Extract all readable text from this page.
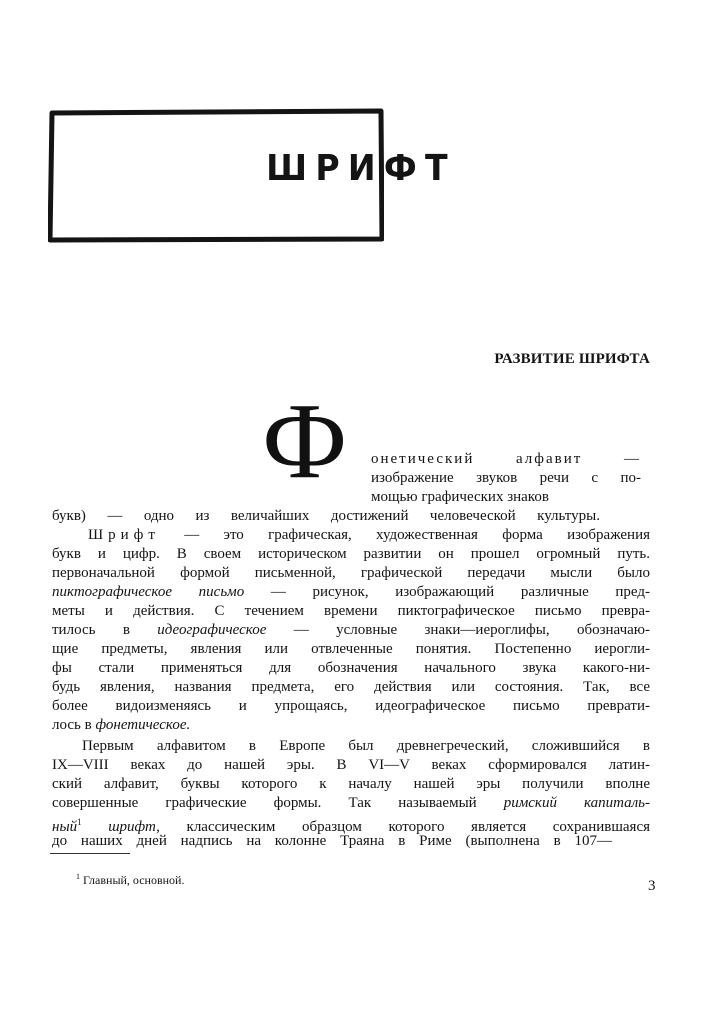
ШРИФТ
РАЗВИТИЕ ШРИФТА
Ф онетический алфавит —
изображение звуков речи с по-
мощью графических знаков
букв) — одно из величайших достижений человеческой культуры.
Шрифт — это графическая, художественная форма изображения
букв и цифр. В своем историческом развитии он прошел огромный путь.
первоначальной формой письменной, графической передачи мысли было
пиктографическое письмо — рисунок, изображающий различные пред-
меты и действия. С течением времени пиктографическое письмо превра-
тилось в идеографическое — условные знаки—иероглифы, обозначаю-
щие предметы, явления или отвлеченные понятия. Постепенно иерогли-
фы стали применяться для обозначения начального звука какого-ни-
будь явления, названия предмета, его действия или состояния. Так, все
более видоизменяясь и упрощаясь, идеографическое письмо преврати-
лось в фонетическое.
Первым алфавитом в Европе был древнегреческий, сложившийся в
IX—VIII веках до нашей эры. В VI—V веках сформировался латин-
ский алфавит, буквы которого к началу нашей эры получили вполне
совершенные графические формы. Так называемый римский капиталь-
ный$^1$ шрифт, классическим образцом которого является сохранившаяся
до наших дней надпись на колонне Траяна в Риме (выполнена в 107—
$^1$ Главный, основной.	3
